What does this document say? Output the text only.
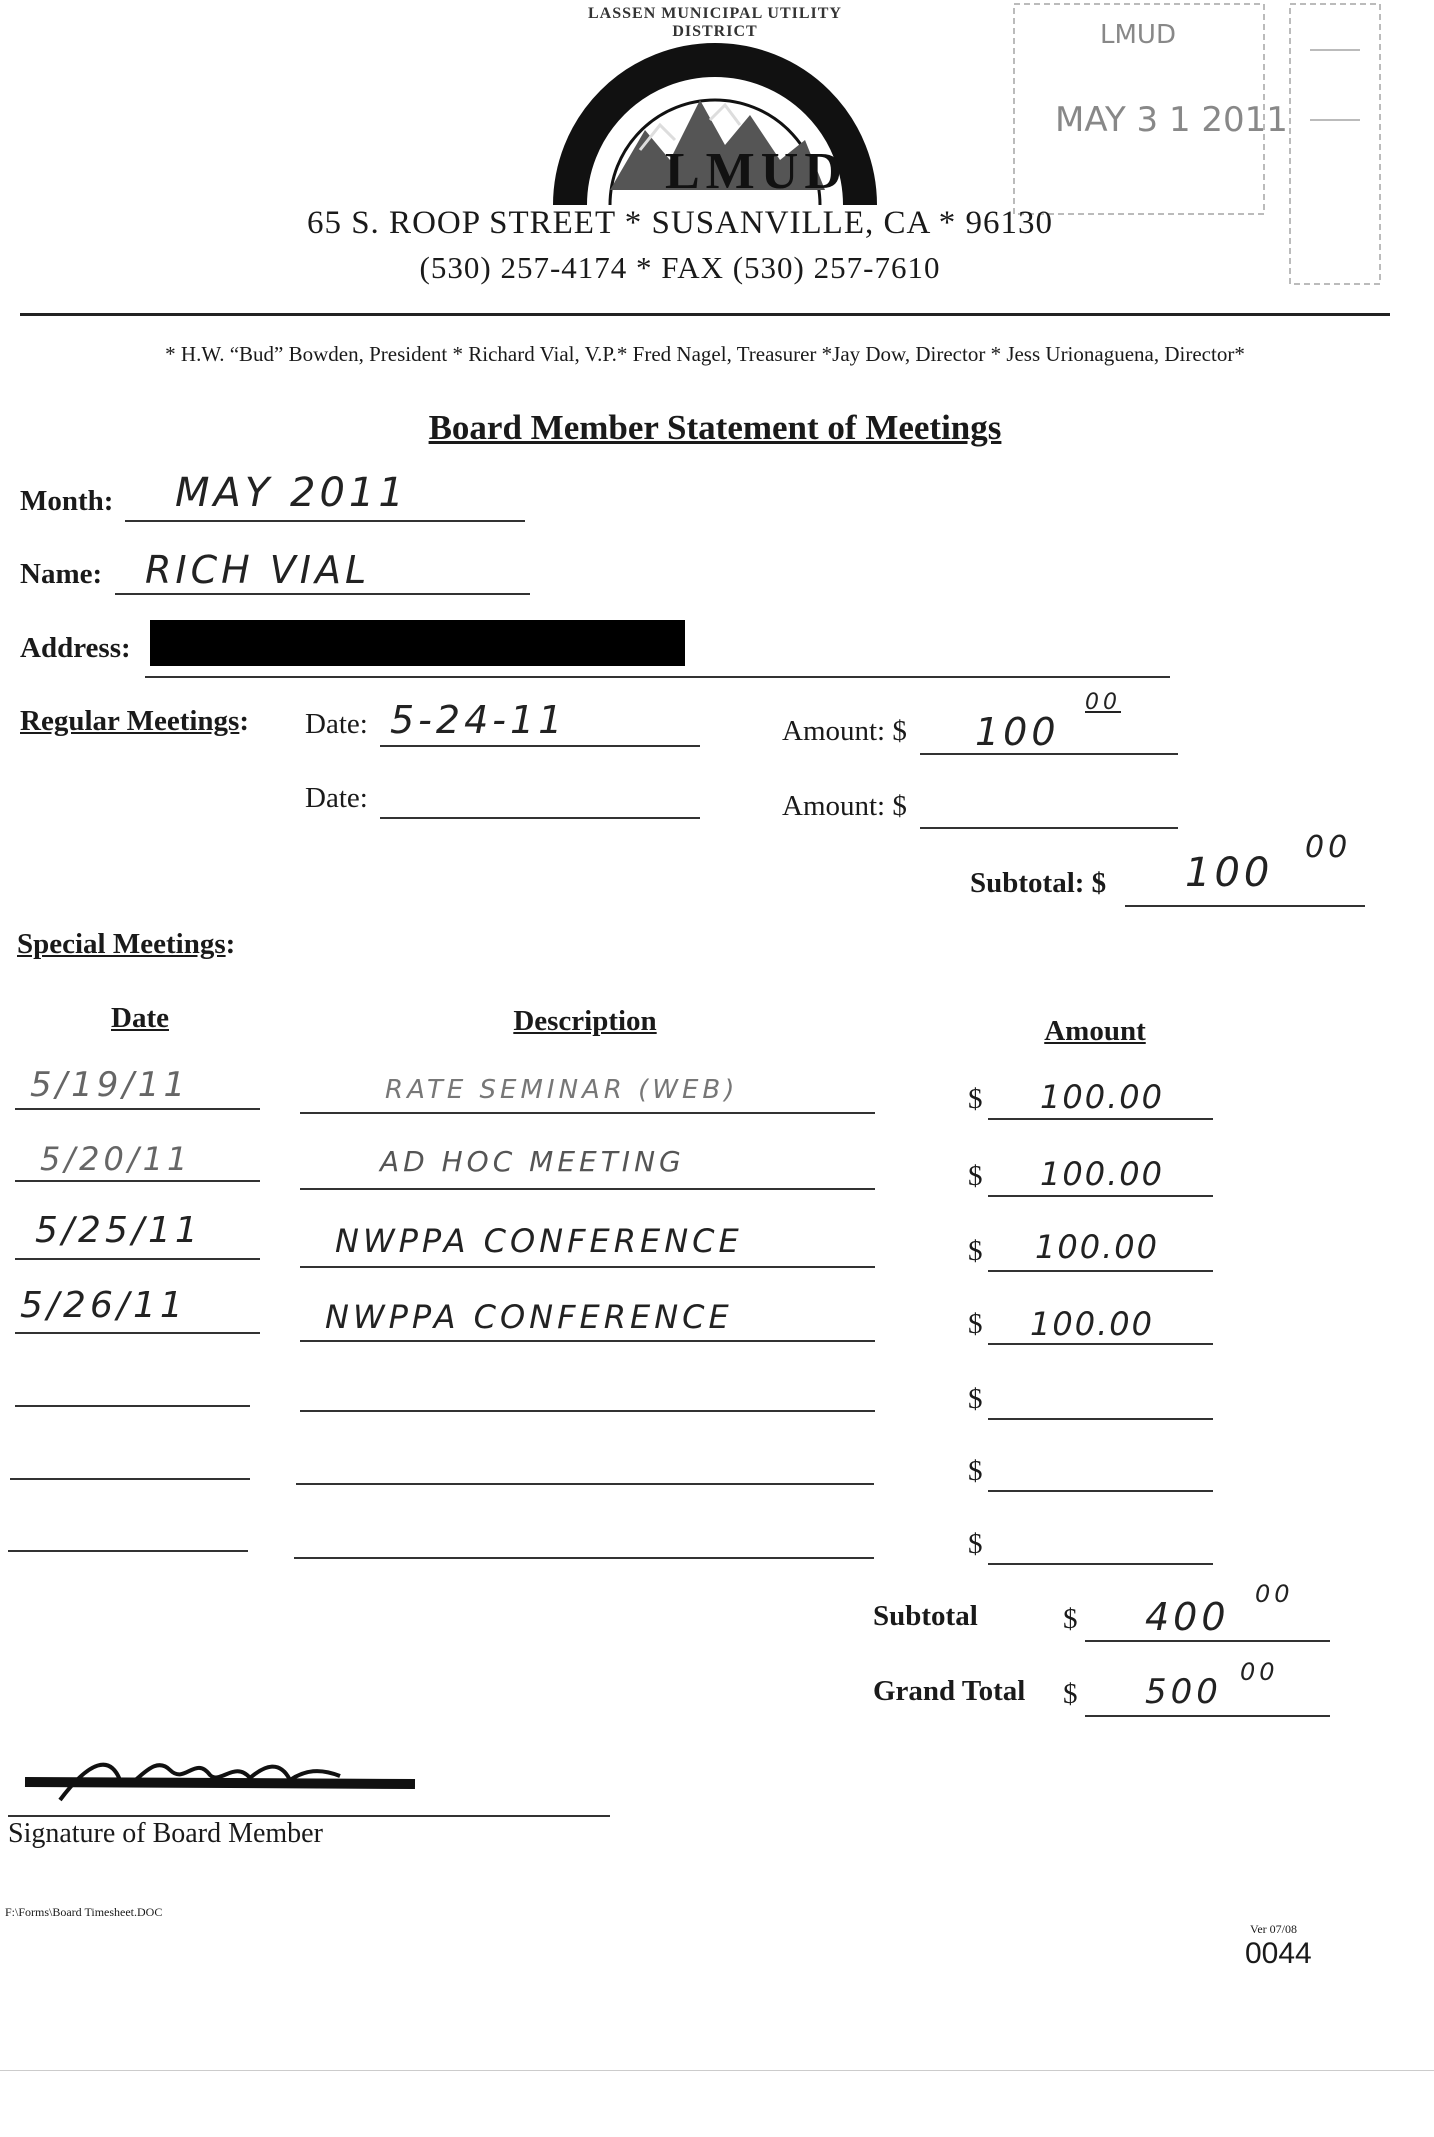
LMUD
MAY 3 1 2011
LMUD
LASSEN MUNICIPAL UTILITY DISTRICT
65 S. ROOP STREET * SUSANVILLE, CA * 96130
(530) 257-4174 * FAX (530) 257-7610
* H.W. “Bud” Bowden, President * Richard Vial, V.P.* Fred Nagel, Treasurer *Jay Dow, Director * Jess Urionaguena, Director*
Board Member Statement of Meetings
Month: MAY 2011
Name: RICH VIAL
Address:
Regular Meetings: Date: 5-24-11	Amount: $ 100
00
Date:	Amount: $
Subtotal: $ 100
00
Special Meetings:
Date	Description	Amount
5/19/11	RATE SEMINAR (WEB)	$ 100.00
5/20/11	AD HOC MEETING	$ 100.00
5/25/11	NWPPA CONFERENCE	$ 100.00
5/26/11	NWPPA CONFERENCE	$ 100.00
$
$
$
Subtotal	$ 400
00
Grand Total $ 500 00
Signature of Board Member
F:\Forms\Board Timesheet.DOC
Ver 07/08
0044
